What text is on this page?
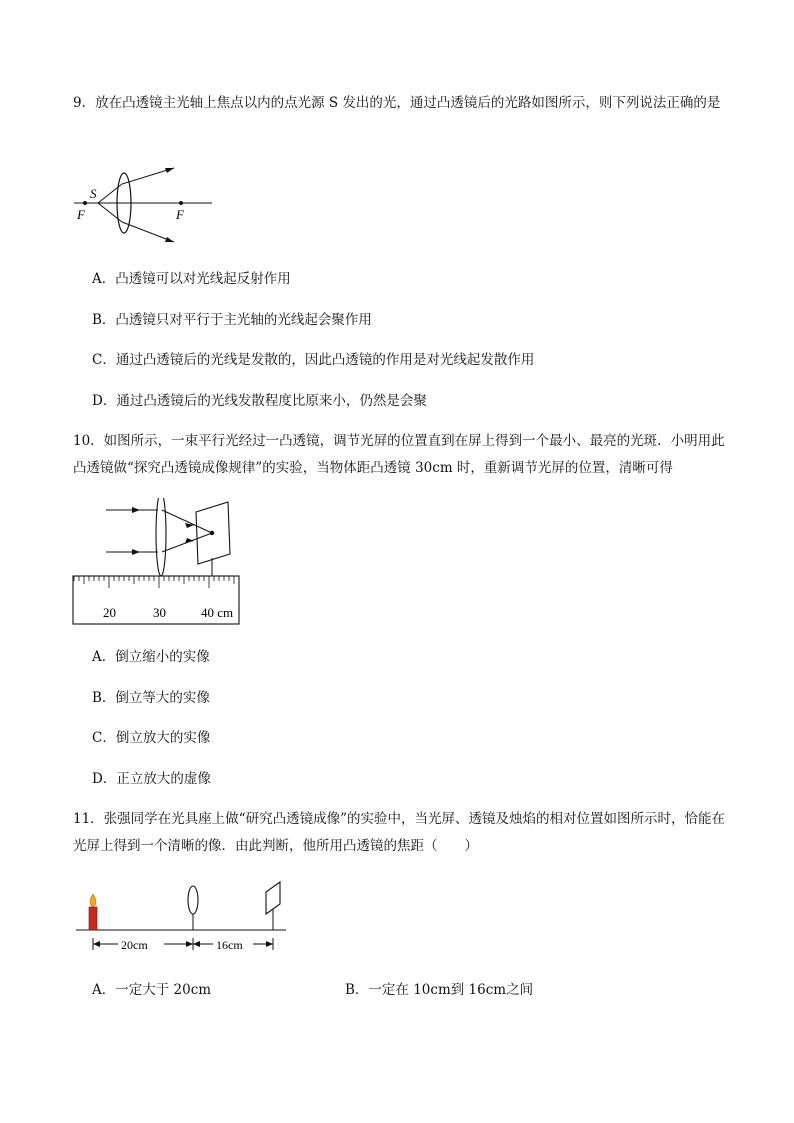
9．放在凸透镜主光轴上焦点以内的点光源 S 发出的光，通过凸透镜后的光路如图所示，则下列说法正确的是
S
F	F
A．凸透镜可以对光线起反射作用
B．凸透镜只对平行于主光轴的光线起会聚作用
C．通过凸透镜后的光线是发散的，因此凸透镜的作用是对光线起发散作用
D．通过凸透镜后的光线发散程度比原来小，仍然是会聚
10．如图所示，一束平行光经过一凸透镜，调节光屏的位置直到在屏上得到一个最小、最亮的光斑．小明用此凸透镜做“探究凸透镜成像规律”的实验，当物体距凸透镜 30cm 时，重新调节光屏的位置，清晰可得
20	30	40 cm
A．倒立缩小的实像
B．倒立等大的实像
C．倒立放大的实像
D．正立放大的虚像
11．张强同学在光具座上做“研究凸透镜成像”的实验中，当光屏、透镜及烛焰的相对位置如图所示时，恰能在光屏上得到一个清晰的像．由此判断，他所用凸透镜的焦距（　　）
20cm	16cm
A．一定大于 20cm	B．一定在 10cm到 16cm之间
